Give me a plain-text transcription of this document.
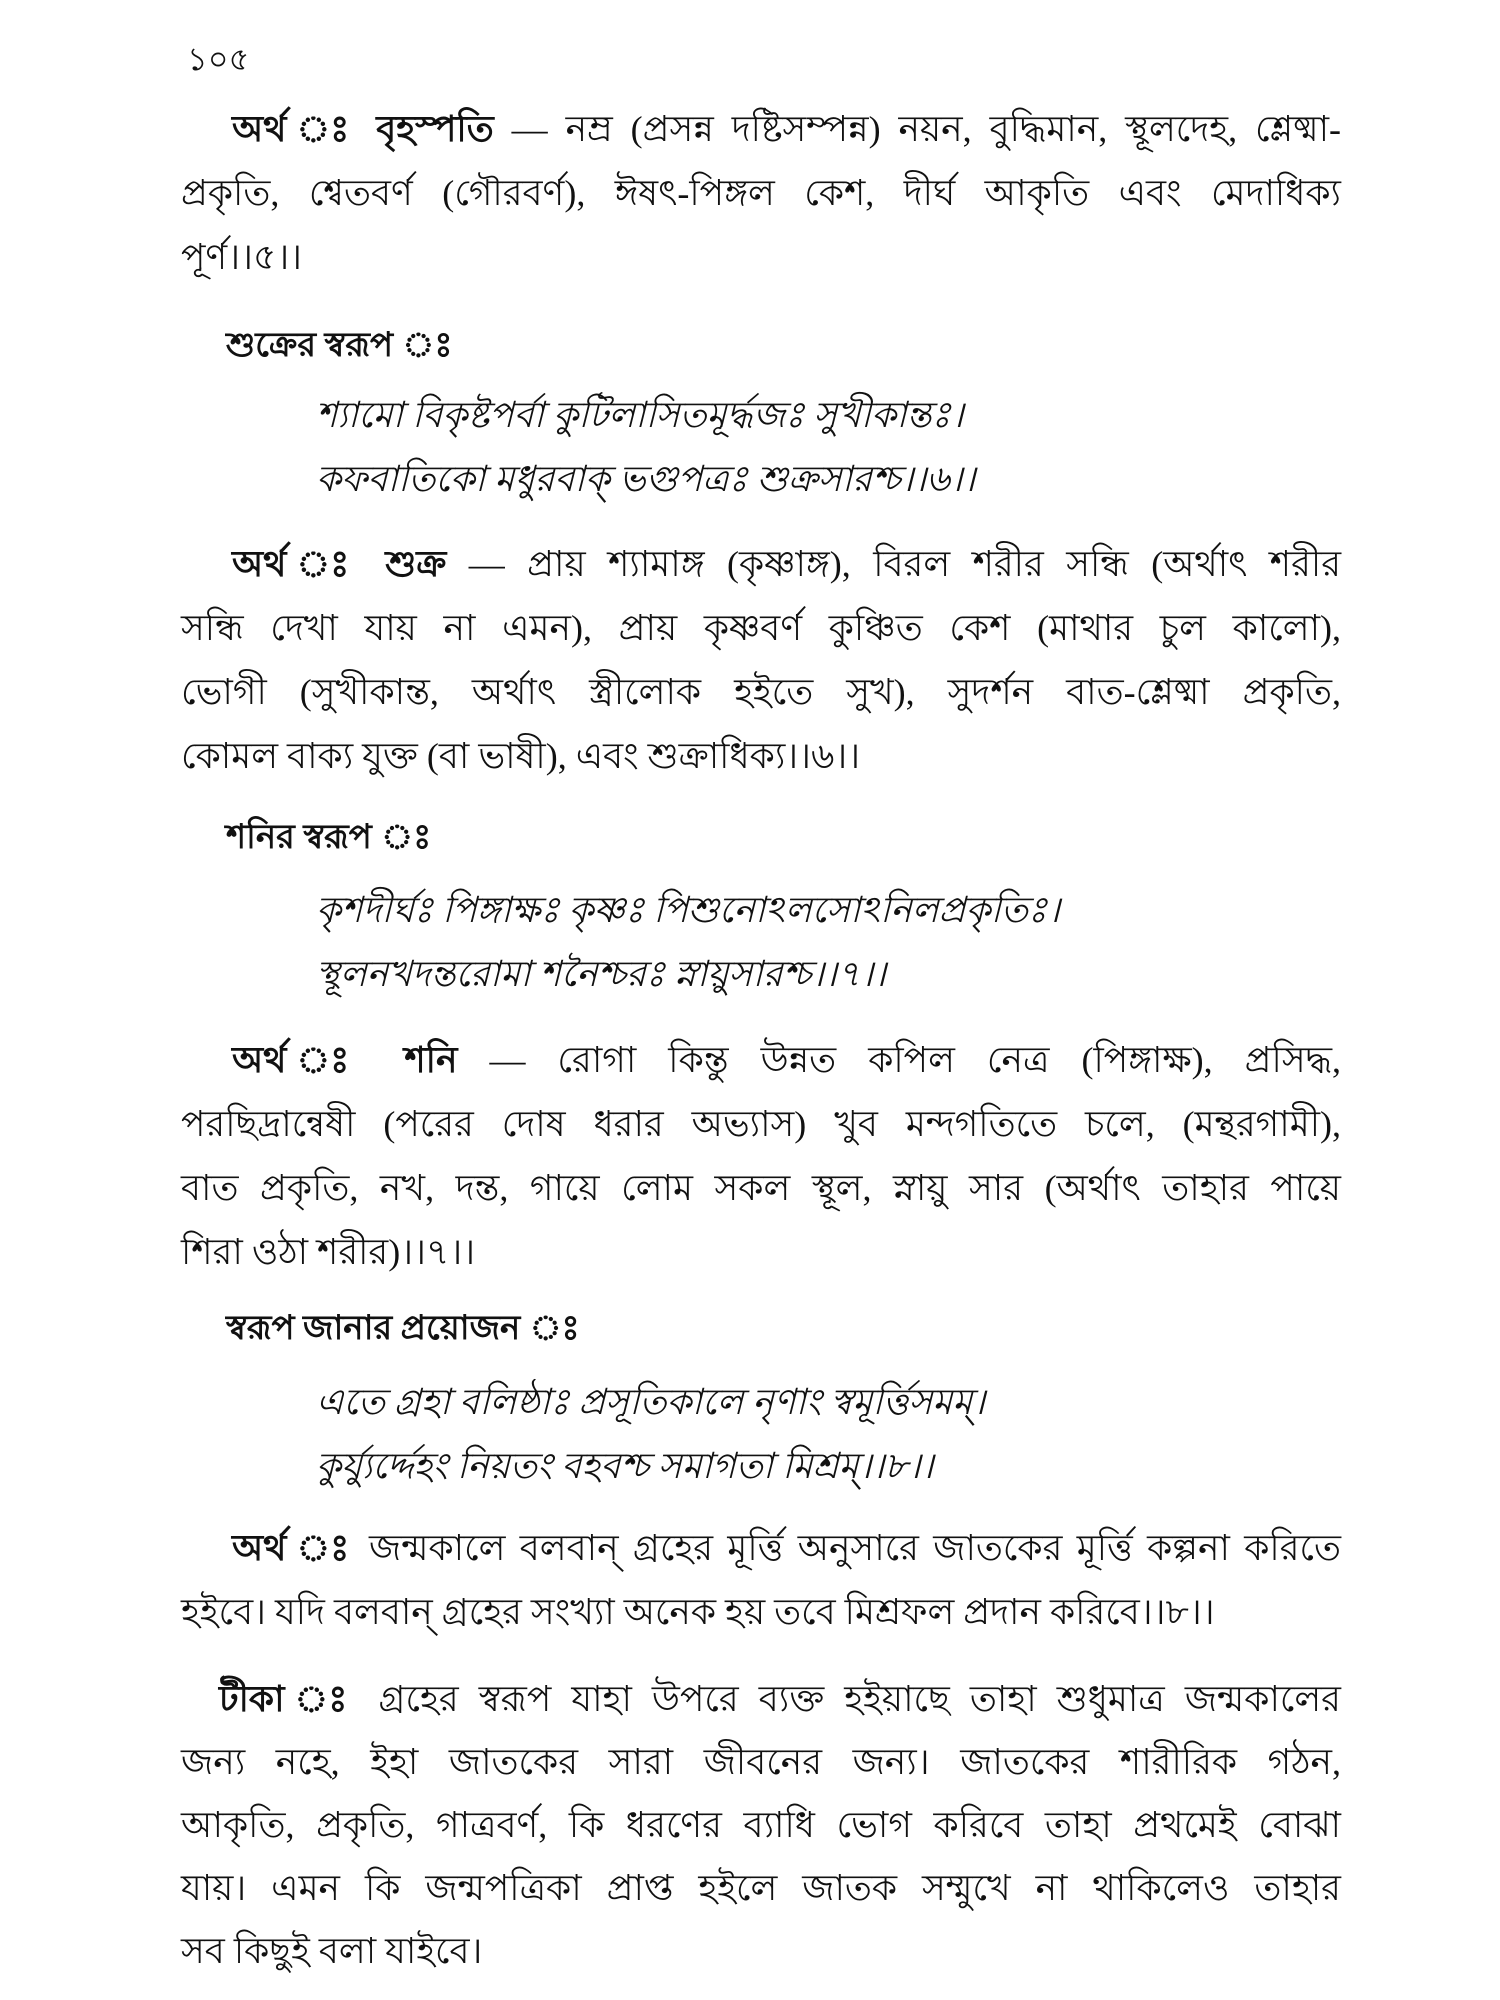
১০৫
অর্থ ঃ বৃহস্পতি — নম্র (প্রসন্ন দষ্টিসম্পন্ন) নয়ন, বুদ্ধিমান, স্থূলদেহ, শ্লেষ্মা-
প্রকৃতি, শ্বেতবর্ণ (গৌরবর্ণ), ঈষৎ-পিঙ্গল কেশ, দীর্ঘ আকৃতি এবং মেদাধিক্য
পূর্ণ।।৫।।
শুক্রের স্বরূপ ঃ
শ্যামো বিকৃষ্টপর্বা কুটিলাসিতমূর্দ্ধজঃ সুখীকান্তঃ।
কফবাতিকো মধুরবাক্ ভগুপত্রঃ শুক্রসারশ্চ।।৬।।
অর্থ ঃ শুক্র — প্রায় শ্যামাঙ্গ (কৃষ্ণাঙ্গ), বিরল শরীর সন্ধি (অর্থাৎ শরীর
সন্ধি দেখা যায় না এমন), প্রায় কৃষ্ণবর্ণ কুঞ্চিত কেশ (মাথার চুল কালো),
ভোগী (সুখীকান্ত, অর্থাৎ স্ত্রীলোক হইতে সুখ), সুদর্শন বাত-শ্লেষ্মা প্রকৃতি,
কোমল বাক্য যুক্ত (বা ভাষী), এবং শুক্রাধিক্য।।৬।।
শনির স্বরূপ ঃ
কৃশদীর্ঘঃ পিঙ্গাক্ষঃ কৃষ্ণঃ পিশুনোঽলসোঽনিলপ্রকৃতিঃ।
স্থূলনখদন্তরোমা শনৈশ্চরঃ স্নায়ুসারশ্চ।।৭।।
অর্থ ঃ শনি — রোগা কিন্তু উন্নত কপিল নেত্র (পিঙ্গাক্ষ), প্রসিদ্ধ,
পরছিদ্রান্বেষী (পরের দোষ ধরার অভ্যাস) খুব মন্দগতিতে চলে, (মন্থরগামী),
বাত প্রকৃতি, নখ, দন্ত, গায়ে লোম সকল স্থূল, স্নায়ু সার (অর্থাৎ তাহার পায়ে
শিরা ওঠা শরীর)।।৭।।
স্বরূপ জানার প্রয়োজন ঃ
এতে গ্রহা বলিষ্ঠাঃ প্রসূতিকালে নৃণাং স্বমূর্ত্তিসমম্।
কুর্য্যুর্দ্দেহং নিয়তং বহবশ্চ সমাগতা মিশ্রম্।।৮।।
অর্থ ঃ জন্মকালে বলবান্ গ্রহের মূর্ত্তি অনুসারে জাতকের মূর্ত্তি কল্পনা করিতে
হইবে। যদি বলবান্ গ্রহের সংখ্যা অনেক হয় তবে মিশ্রফল প্রদান করিবে।।৮।।
টীকা ঃ গ্রহের স্বরূপ যাহা উপরে ব্যক্ত হইয়াছে তাহা শুধুমাত্র জন্মকালের
জন্য নহে, ইহা জাতকের সারা জীবনের জন্য। জাতকের শারীরিক গঠন,
আকৃতি, প্রকৃতি, গাত্রবর্ণ, কি ধরণের ব্যাধি ভোগ করিবে তাহা প্রথমেই বোঝা
যায়। এমন কি জন্মপত্রিকা প্রাপ্ত হইলে জাতক সম্মুখে না থাকিলেও তাহার
সব কিছুই বলা যাইবে।
